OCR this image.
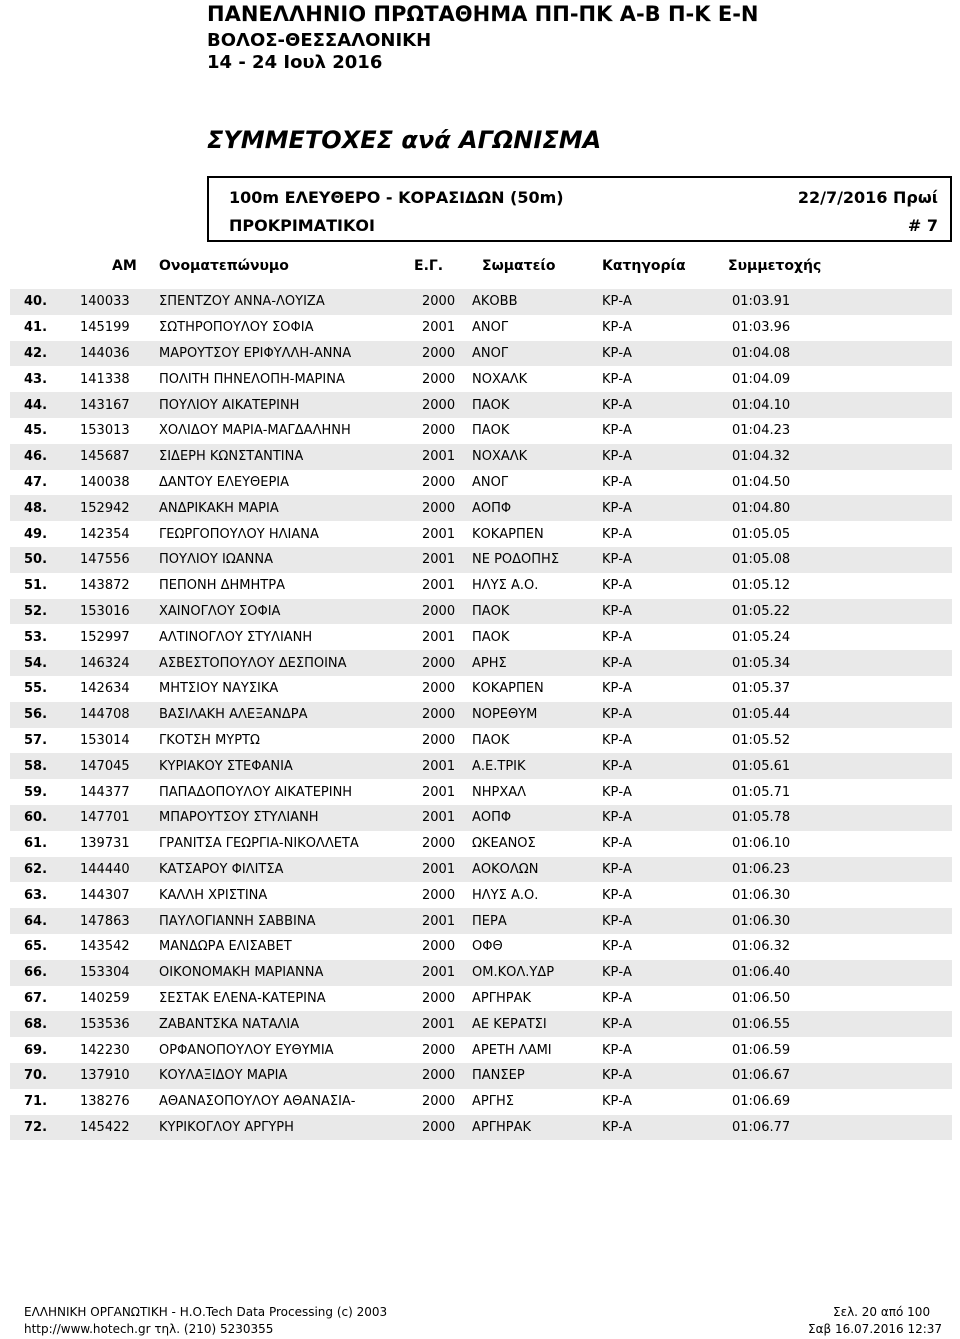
ΠΑΝΕΛΛΗΝΙΟ ΠΡΩΤΑΘΗΜΑ ΠΠ-ΠΚ Α-Β Π-Κ Ε-Ν
ΒΟΛΟΣ-ΘΕΣΣΑΛΟΝΙΚΗ
14 - 24 Ιουλ 2016
ΣΥΜΜΕΤΟΧΕΣ ανά ΑΓΩΝΙΣΜΑ
100m ΕΛΕΥΘΕΡΟ - ΚΟΡΑΣΙΔΩΝ (50m)	22/7/2016 Πρωί
ΠΡΟΚΡΙΜΑΤΙΚΟΙ	# 7
ΑΜ Ονοματεπώνυμο	Ε.Γ.	Σωματείο	Κατηγορία	Συμμετοχής
40.	140033	ΣΠΕΝΤΖΟΥ ΑΝΝΑ-ΛΟΥΙΖΑ	2000	ΑΚΟΒΒ	ΚΡ-Α	01:03.91	
41.	145199	ΣΩΤΗΡΟΠΟΥΛΟΥ ΣΟΦΙΑ	2001	ΑΝΟΓ	ΚΡ-Α	01:03.96	
42.	144036	ΜΑΡΟΥΤΣΟΥ ΕΡΙΦΥΛΛΗ-ΑΝΝΑ	2000	ΑΝΟΓ	ΚΡ-Α	01:04.08	
43.	141338	ΠΟΛΙΤΗ ΠΗΝΕΛΟΠΗ-ΜΑΡΙΝΑ	2000	ΝΟΧΑΛΚ	ΚΡ-Α	01:04.09	
44.	143167	ΠΟΥΛΙΟΥ ΑΙΚΑΤΕΡΙΝΗ	2000	ΠΑΟΚ	ΚΡ-Α	01:04.10	
45.	153013	ΧΟΛΙΔΟΥ ΜΑΡΙΑ-ΜΑΓΔΑΛΗΝΗ	2000	ΠΑΟΚ	ΚΡ-Α	01:04.23	
46.	145687	ΣΙΔΕΡΗ ΚΩΝΣΤΑΝΤΙΝΑ	2001	ΝΟΧΑΛΚ	ΚΡ-Α	01:04.32	
47.	140038	ΔΑΝΤΟΥ ΕΛΕΥΘΕΡΙΑ	2000	ΑΝΟΓ	ΚΡ-Α	01:04.50	
48.	152942	ΑΝΔΡΙΚΑΚΗ ΜΑΡΙΑ	2000	ΑΟΠΦ	ΚΡ-Α	01:04.80	
49.	142354	ΓΕΩΡΓΟΠΟΥΛΟΥ ΗΛΙΑΝΑ	2001	ΚΟΚΑΡΠΕΝ	ΚΡ-Α	01:05.05	
50.	147556	ΠΟΥΛΙΟΥ ΙΩΑΝΝΑ	2001	ΝΕ ΡΟΔΟΠΗΣ	ΚΡ-Α	01:05.08	
51.	143872	ΠΕΠΟΝΗ ΔΗΜΗΤΡΑ	2001	ΗΛΥΣ Α.Ο.	ΚΡ-Α	01:05.12	
52.	153016	ΧΑΙΝΟΓΛΟΥ ΣΟΦΙΑ	2000	ΠΑΟΚ	ΚΡ-Α	01:05.22	
53.	152997	ΑΛΤΙΝΟΓΛΟΥ ΣΤΥΛΙΑΝΗ	2001	ΠΑΟΚ	ΚΡ-Α	01:05.24	
54.	146324	ΑΣΒΕΣΤΟΠΟΥΛΟΥ ΔΕΣΠΟΙΝΑ	2000	ΑΡΗΣ	ΚΡ-Α	01:05.34	
55.	142634	ΜΗΤΣΙΟΥ ΝΑΥΣΙΚΑ	2000	ΚΟΚΑΡΠΕΝ	ΚΡ-Α	01:05.37	
56.	144708	ΒΑΣΙΛΑΚΗ ΑΛΕΞΑΝΔΡΑ	2000	ΝΟΡΕΘΥΜ	ΚΡ-Α	01:05.44	
57.	153014	ΓΚΟΤΣΗ ΜΥΡΤΩ	2000	ΠΑΟΚ	ΚΡ-Α	01:05.52	
58.	147045	ΚΥΡΙΑΚΟΥ ΣΤΕΦΑΝΙΑ	2001	Α.Ε.ΤΡΙΚ	ΚΡ-Α	01:05.61	
59.	144377	ΠΑΠΑΔΟΠΟΥΛΟΥ ΑΙΚΑΤΕΡΙΝΗ	2001	ΝΗΡΧΑΛ	ΚΡ-Α	01:05.71	
60.	147701	ΜΠΑΡΟΥΤΣΟΥ ΣΤΥΛΙΑΝΗ	2001	ΑΟΠΦ	ΚΡ-Α	01:05.78	
61.	139731	ΓΡΑΝΙΤΣΑ ΓΕΩΡΓΙΑ-ΝΙΚΟΛΛΕΤΑ	2000	ΩΚΕΑΝΟΣ	ΚΡ-Α	01:06.10	
62.	144440	ΚΑΤΣΑΡΟΥ ΦΙΛΙΤΣΑ	2001	ΑΟΚΟΛΩΝ	ΚΡ-Α	01:06.23	
63.	144307	ΚΑΛΛΗ ΧΡΙΣΤΙΝΑ	2000	ΗΛΥΣ Α.Ο.	ΚΡ-Α	01:06.30	
64.	147863	ΠΑΥΛΟΓΙΑΝΝΗ ΣΑΒΒΙΝΑ	2001	ΠΕΡΑ	ΚΡ-Α	01:06.30	
65.	143542	ΜΑΝΔΩΡΑ ΕΛΙΣΑΒΕΤ	2000	ΟΦΘ	ΚΡ-Α	01:06.32	
66.	153304	ΟΙΚΟΝΟΜΑΚΗ ΜΑΡΙΑΝΝΑ	2001	ΟΜ.ΚΟΛ.ΥΔΡ	ΚΡ-Α	01:06.40	
67.	140259	ΣΕΣΤΑΚ ΕΛΕΝΑ-ΚΑΤΕΡΙΝΑ	2000	ΑΡΓΗΡΑΚ	ΚΡ-Α	01:06.50	
68.	153536	ΖΑΒΑΝΤΣΚΑ ΝΑΤΑΛΙΑ	2001	ΑΕ ΚΕΡΑΤΣΙ	ΚΡ-Α	01:06.55	
69.	142230	ΟΡΦΑΝΟΠΟΥΛΟΥ ΕΥΘΥΜΙΑ	2000	ΑΡΕΤΗ ΛΑΜΙ	ΚΡ-Α	01:06.59	
70.	137910	ΚΟΥΛΑΞΙΔΟΥ ΜΑΡΙΑ	2000	ΠΑΝΣΕΡ	ΚΡ-Α	01:06.67	
71.	138276	ΑΘΑΝΑΣΟΠΟΥΛΟΥ ΑΘΑΝΑΣΙΑ-	2000	ΑΡΓΗΣ	ΚΡ-Α	01:06.69	
72.	145422	ΚΥΡΙΚΟΓΛΟΥ ΑΡΓΥΡΗ	2000	ΑΡΓΗΡΑΚ	ΚΡ-Α	01:06.77	
ΕΛΛΗΝΙΚΗ ΟΡΓΑΝΩΤΙΚΗ - Η.Ο.Tech Data Processing (c) 2003
http://www.hotech.gr τηλ. (210) 5230355
Σελ. 20 από 100
Σαβ 16.07.2016 12:37
